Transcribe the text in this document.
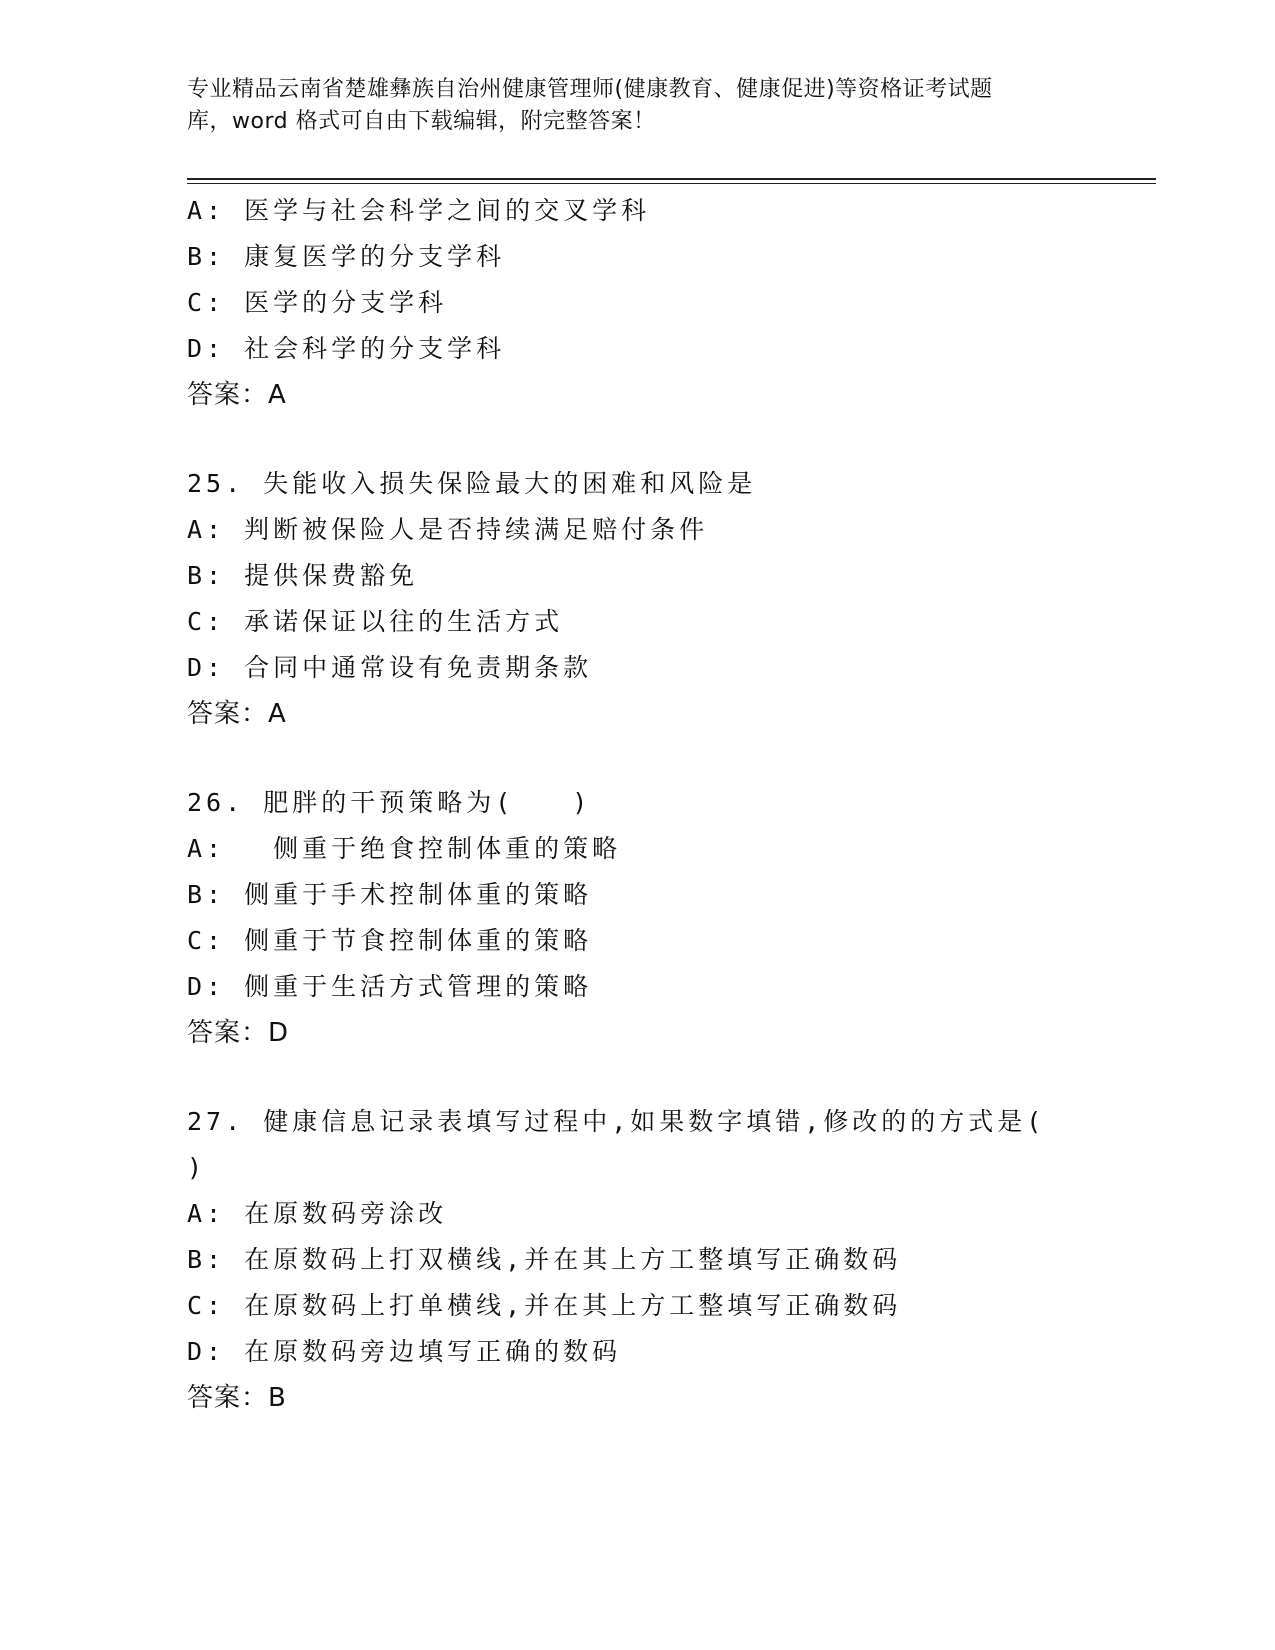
专业精品云南省楚雄彝族自治州健康管理师(健康教育、健康促进)等资格证考试题
库，word 格式可自由下载编辑，附完整答案！
A: 医学与社会科学之间的交叉学科
B: 康复医学的分支学科
C: 医学的分支学科
D: 社会科学的分支学科
答案：A
25. 失能收入损失保险最大的困难和风险是
A: 判断被保险人是否持续满足赔付条件
B: 提供保费豁免
C: 承诺保证以往的生活方式
D: 合同中通常设有免责期条款
答案：A
26. 肥胖的干预策略为(　　)
A: 　侧重于绝食控制体重的策略
B: 侧重于手术控制体重的策略
C: 侧重于节食控制体重的策略
D: 侧重于生活方式管理的策略
答案：D
27. 健康信息记录表填写过程中,如果数字填错,修改的的方式是(
)
A: 在原数码旁涂改
B: 在原数码上打双横线,并在其上方工整填写正确数码
C: 在原数码上打单横线,并在其上方工整填写正确数码
D: 在原数码旁边填写正确的数码
答案：B
